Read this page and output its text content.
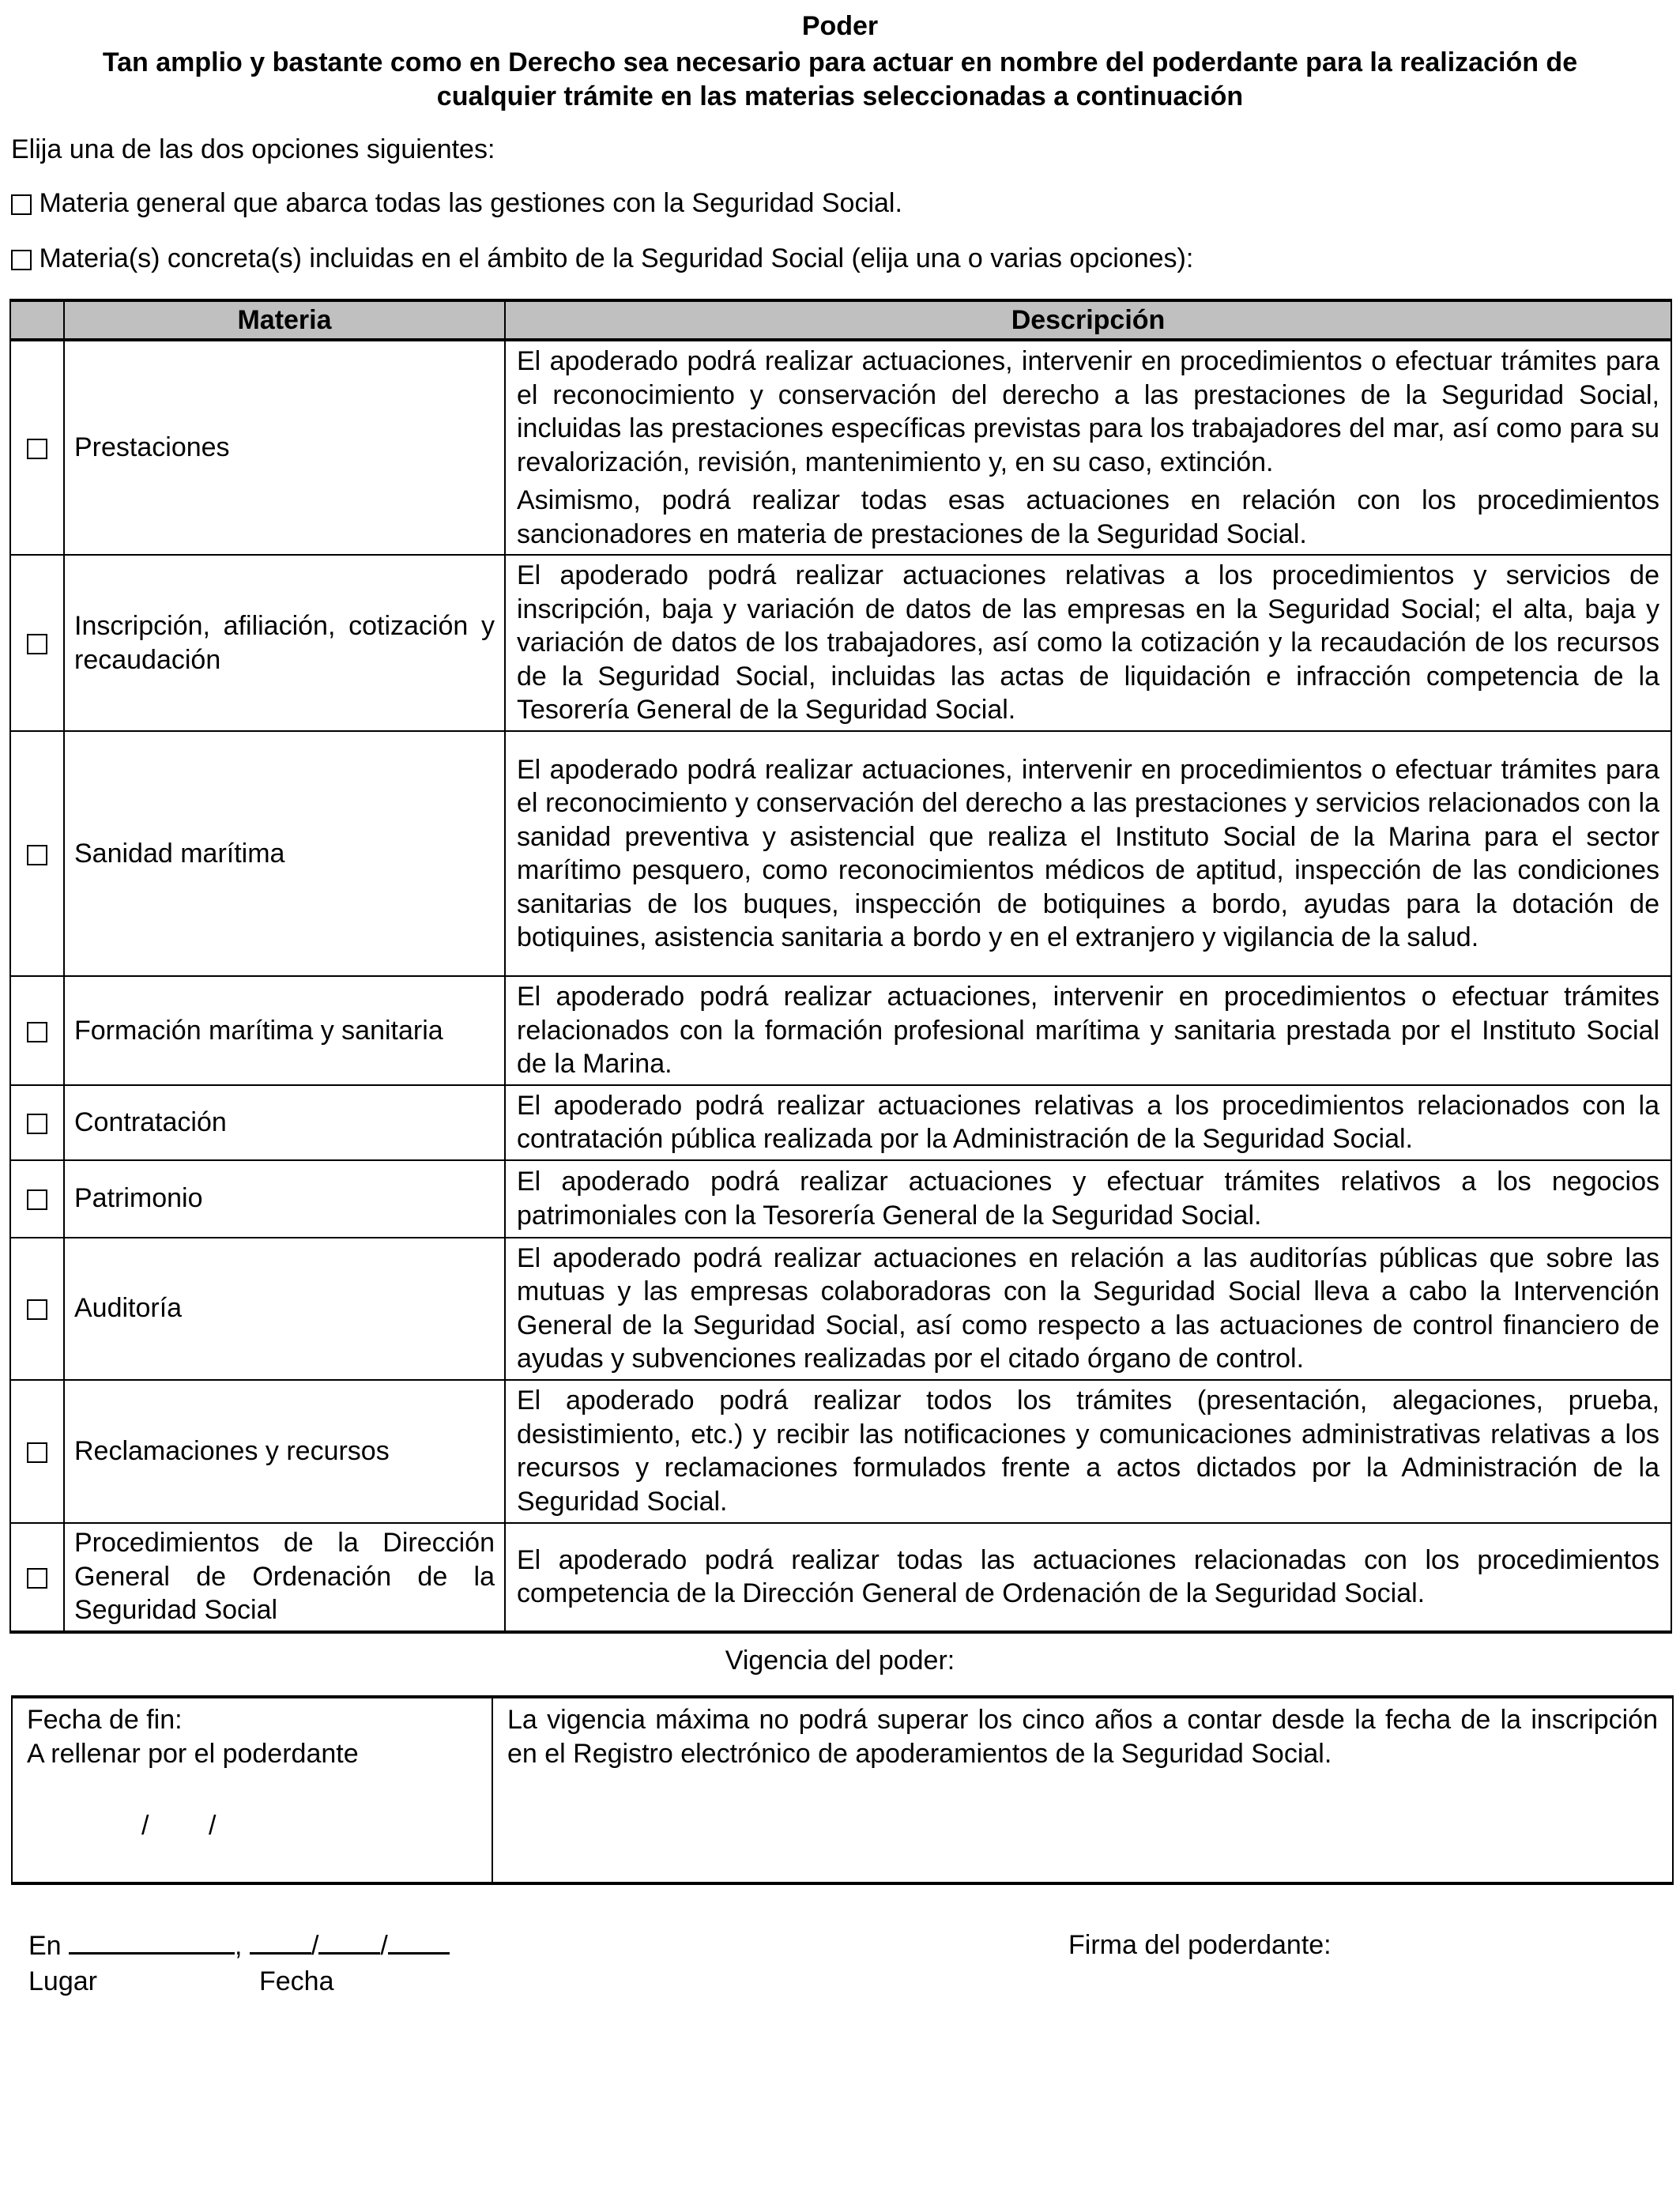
Poder
Tan amplio y bastante como en Derecho sea necesario para actuar en nombre del poderdante para la realización de
cualquier trámite en las materias seleccionadas a continuación
Elija una de las dos opciones siguientes:
Materia general que abarca todas las gestiones con la Seguridad Social.
Materia(s) concreta(s) incluidas en el ámbito de la Seguridad Social (elija una o varias opciones):
	Materia	Descripción
	Prestaciones	El apoderado podrá realizar actuaciones, intervenir en procedimientos o efectuar trámites para el reconocimiento y conservación del derecho a las prestaciones de la Seguridad Social, incluidas las prestaciones específicas previstas para los trabajadores del mar, así como para su revalorización, revisión, mantenimiento y, en su caso, extinción.

Asimismo, podrá realizar todas esas actuaciones en relación con los procedimientos sancionadores en materia de prestaciones de la Seguridad Social.

	Inscripción, afiliación, cotización y recaudación	El apoderado podrá realizar actuaciones relativas a los procedimientos y servicios de inscripción, baja y variación de datos de las empresas en la Seguridad Social; el alta, baja y variación de datos de los trabajadores, así como la cotización y la recaudación de los recursos de la Seguridad Social, incluidas las actas de liquidación e infracción competencia de la Tesorería General de la Seguridad Social.

	Sanidad marítima	El apoderado podrá realizar actuaciones, intervenir en procedimientos o efectuar trámites para el reconocimiento y conservación del derecho a las prestaciones y servicios relacionados con la sanidad preventiva y asistencial que realiza el Instituto Social de la Marina para el sector marítimo pesquero, como reconocimientos médicos de aptitud, inspección de las condiciones sanitarias de los buques, inspección de botiquines a bordo, ayudas para la dotación de botiquines, asistencia sanitaria a bordo y en el extranjero y vigilancia de la salud.

	Formación marítima y sanitaria	El apoderado podrá realizar actuaciones, intervenir en procedimientos o efectuar trámites relacionados con la formación profesional marítima y sanitaria prestada por el Instituto Social de la Marina.

	Contratación	El apoderado podrá realizar actuaciones relativas a los procedimientos relacionados con la contratación pública realizada por la Administración de la Seguridad Social.

	Patrimonio	El apoderado podrá realizar actuaciones y efectuar trámites relativos a los negocios patrimoniales con la Tesorería General de la Seguridad Social.

	Auditoría	El apoderado podrá realizar actuaciones en relación a las auditorías públicas que sobre las mutuas y las empresas colaboradoras con la Seguridad Social lleva a cabo la Intervención General de la Seguridad Social, así como respecto a las actuaciones de control financiero de ayudas y subvenciones realizadas por el citado órgano de control.

	Reclamaciones y recursos	El apoderado podrá realizar todos los trámites (presentación, alegaciones, prueba, desistimiento, etc.) y recibir las notificaciones y comunicaciones administrativas relativas a los recursos y reclamaciones formulados frente a actos dictados por la Administración de la Seguridad Social.

	Procedimientos de la Dirección General de Ordenación de la Seguridad Social	El apoderado podrá realizar todas las actuaciones relacionadas con los procedimientos competencia de la Dirección General de Ordenación de la Seguridad Social.

Vigencia del poder:
Fecha de fin:
A rellenar por el poderdante
/        /
	La vigencia máxima no podrá superar los cinco años a contar desde la fecha de la inscripción en el Registro electrónico de apoderamientos de la Seguridad Social.
En	, / /
Lugar	Fecha
Firma del poderdante:
